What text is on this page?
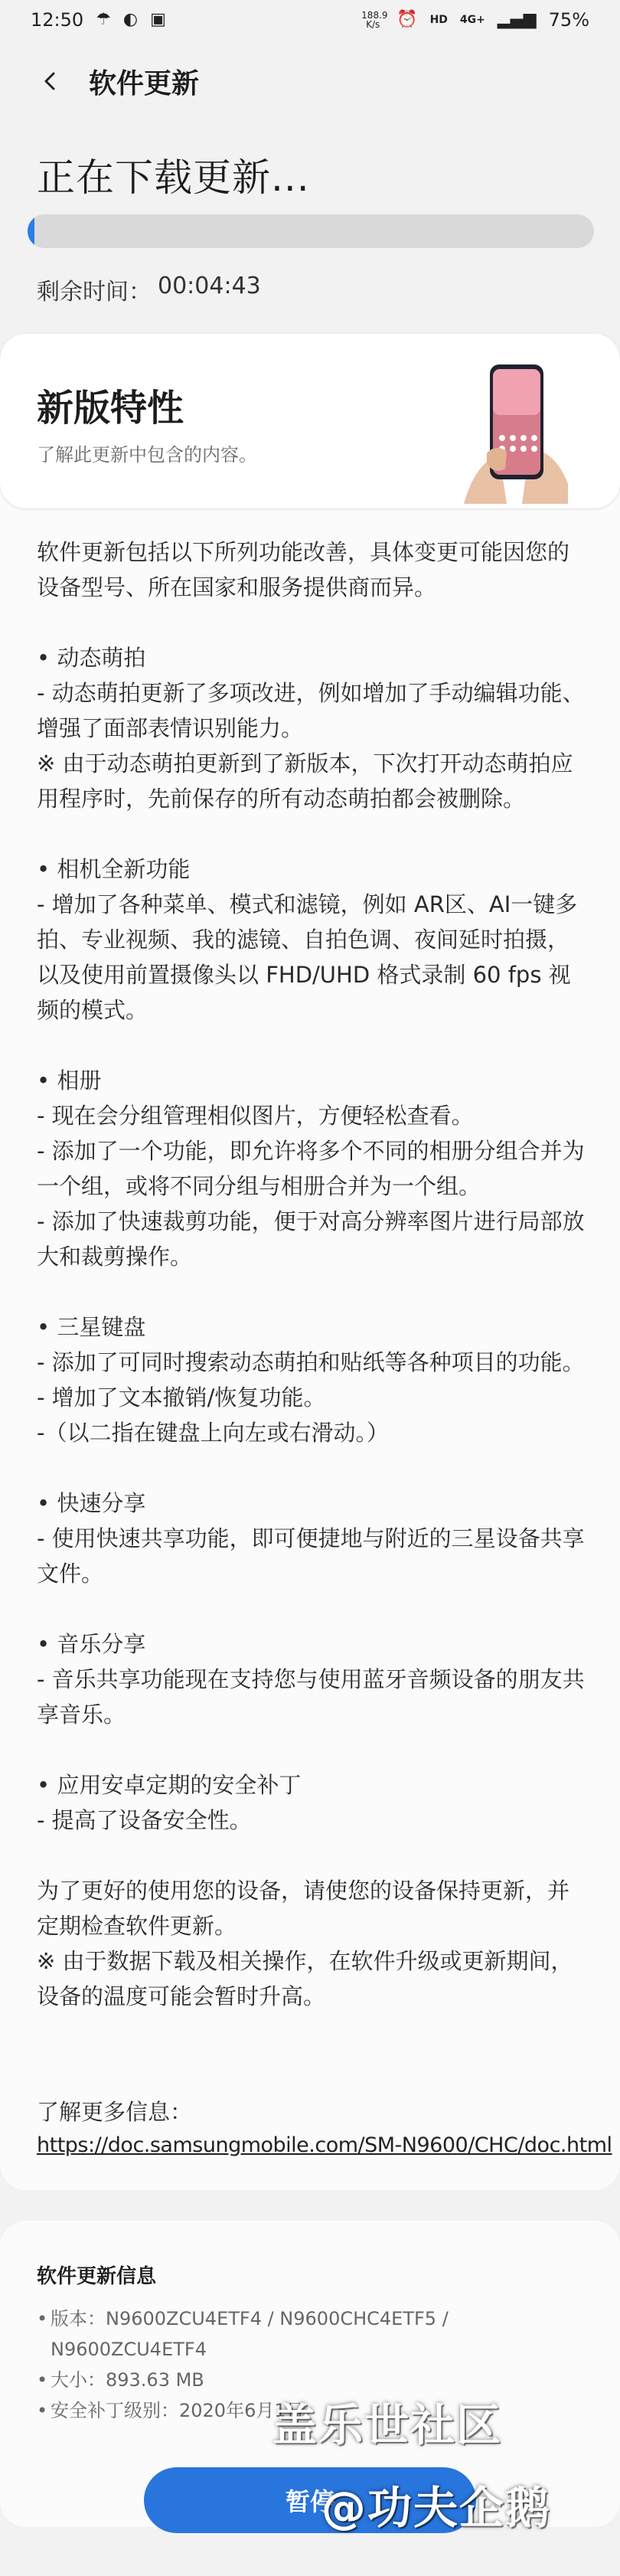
12:50 ☂ ◐ ▣	188.9
K/s ⏰ HD 4G+ ▂▄▆ 75%
软件更新
正在下载更新...
剩余时间： 00:04:43
新版特性
了解此更新中包含的内容。
软件更新包括以下所列功能改善，具体变更可能因您的设备型号、所在国家和服务提供商而异。

• 动态萌拍
- 动态萌拍更新了多项改进，例如增加了手动编辑功能、增强了面部表情识别能力。
※ 由于动态萌拍更新到了新版本，下次打开动态萌拍应用程序时，先前保存的所有动态萌拍都会被删除。

• 相机全新功能
- 增加了各种菜单、模式和滤镜，例如 AR区、AI一键多拍、专业视频、我的滤镜、自拍色调、夜间延时拍摄，以及使用前置摄像头以 FHD/UHD 格式录制 60 fps 视频的模式。

• 相册
- 现在会分组管理相似图片，方便轻松查看。
- 添加了一个功能，即允许将多个不同的相册分组合并为一个组，或将不同分组与相册合并为一个组。
- 添加了快速裁剪功能，便于对高分辨率图片进行局部放大和裁剪操作。

• 三星键盘
- 添加了可同时搜索动态萌拍和贴纸等各种项目的功能。
- 增加了文本撤销/恢复功能。
-（以二指在键盘上向左或右滑动。）

• 快速分享
- 使用快速共享功能，即可便捷地与附近的三星设备共享文件。

• 音乐分享
- 音乐共享功能现在支持您与使用蓝牙音频设备的朋友共享音乐。

• 应用安卓定期的安全补丁
- 提高了设备安全性。

为了更好的使用您的设备，请使您的设备保持更新，并定期检查软件更新。
※ 由于数据下载及相关操作，在软件升级或更新期间，设备的温度可能会暂时升高。
了解更多信息：
https://doc.samsungmobile.com/SM-N9600/CHC/doc.html
软件更新信息
• 版本：N9600ZCU4ETF4 / N9600CHC4ETF5 / N9600ZCU4ETF4
• 大小：893.63 MB
• 安全补丁级别：2020年6月1日
暂停
盖乐世社区
@功夫企鹅
